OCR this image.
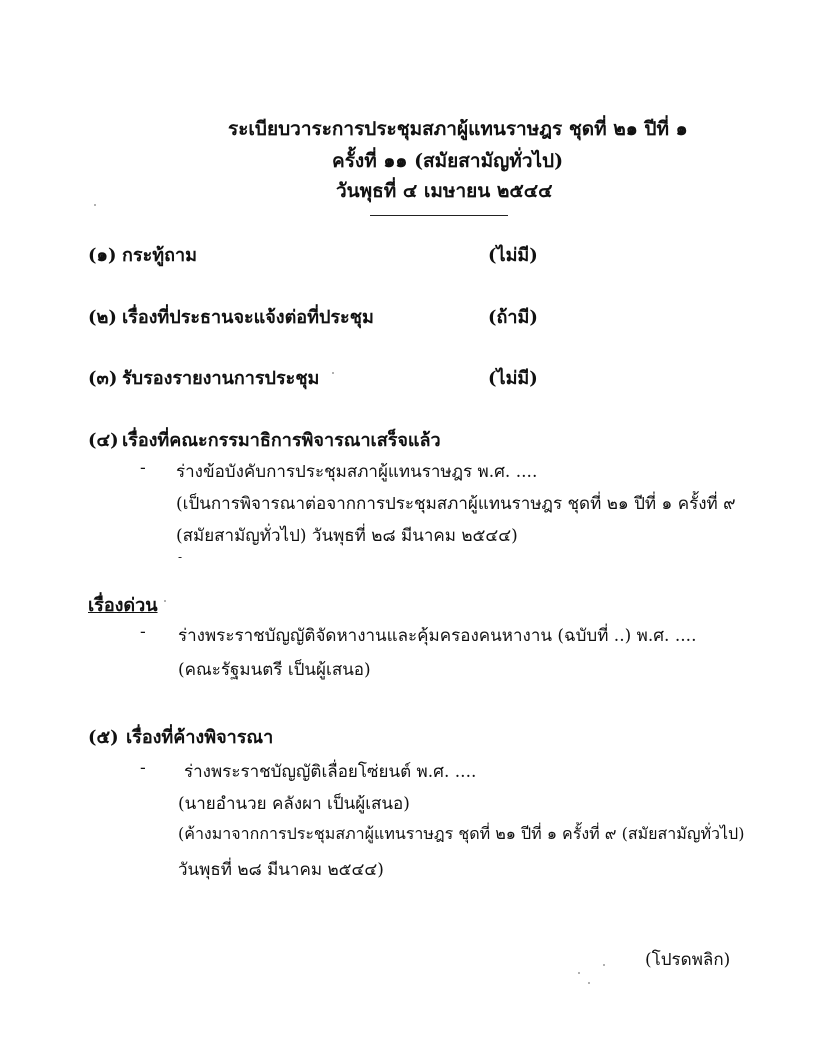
ระเบียบวาระการประชุมสภาผู้แทนราษฎร ชุดที่ ๒๑ ปีที่ ๑
ครั้งที่ ๑๑ (สมัยสามัญทั่วไป)
วันพุธที่ ๔ เมษายน ๒๕๔๔
(๑) กระทู้ถาม	(ไม่มี)
(๒) เรื่องที่ประธานจะแจ้งต่อที่ประชุม	(ถ้ามี)
(๓) รับรองรายงานการประชุม	(ไม่มี)
(๔) เรื่องที่คณะกรรมาธิการพิจารณาเสร็จแล้ว
- ร่างข้อบังคับการประชุมสภาผู้แทนราษฎร พ.ศ. ....
(เป็นการพิจารณาต่อจากการประชุมสภาผู้แทนราษฎร ชุดที่ ๒๑ ปีที่ ๑ ครั้งที่ ๙
(สมัยสามัญทั่วไป) วันพุธที่ ๒๘ มีนาคม ๒๕๔๔)
-
เรื่องด่วน
- ร่างพระราชบัญญัติจัดหางานและคุ้มครองคนหางาน (ฉบับที่ ..) พ.ศ. ....
(คณะรัฐมนตรี เป็นผู้เสนอ)
(๕) เรื่องที่ค้างพิจารณา
- ร่างพระราชบัญญัติเลื่อยโซ่ยนต์ พ.ศ. ....
(นายอำนวย คลังผา เป็นผู้เสนอ)
(ค้างมาจากการประชุมสภาผู้แทนราษฎร ชุดที่ ๒๑ ปีที่ ๑ ครั้งที่ ๙ (สมัยสามัญทั่วไป)
วันพุธที่ ๒๘ มีนาคม ๒๕๔๔)
(โปรดพลิก)
